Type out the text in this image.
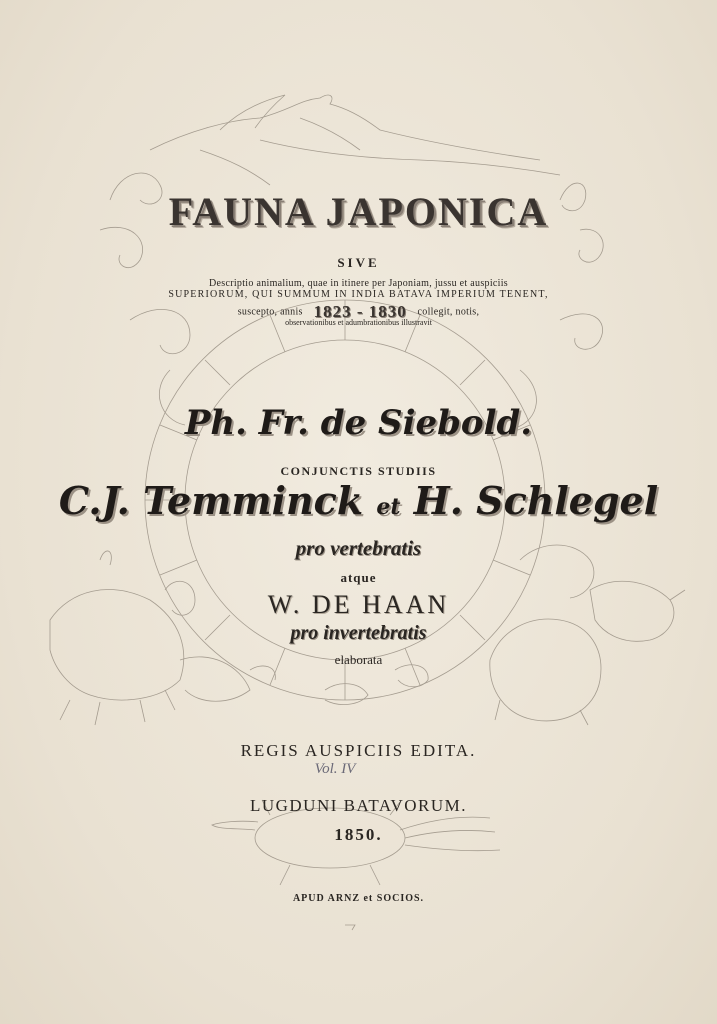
FAUNA JAPONICA
SIVE
Descriptio animalium, quae in itinere per Japoniam, jussu et auspiciis
SUPERIORUM, QUI SUMMUM IN INDIA BATAVA IMPERIUM TENENT,
suscepto, annis 1823 - 1830 collegit, notis,
observationibus et adumbrationibus illustravit
Ph. Fr. de Siebold.
CONJUNCTIS STUDIIS
C.J. Temminck et H. Schlegel
pro vertebratis
atque
W. DE HAAN
pro invertebratis
elaborata
REGIS AUSPICIIS EDITA.
Vol. IV
LUGDUNI BATAVORUM.
1850.
APUD ARNZ et SOCIOS.
